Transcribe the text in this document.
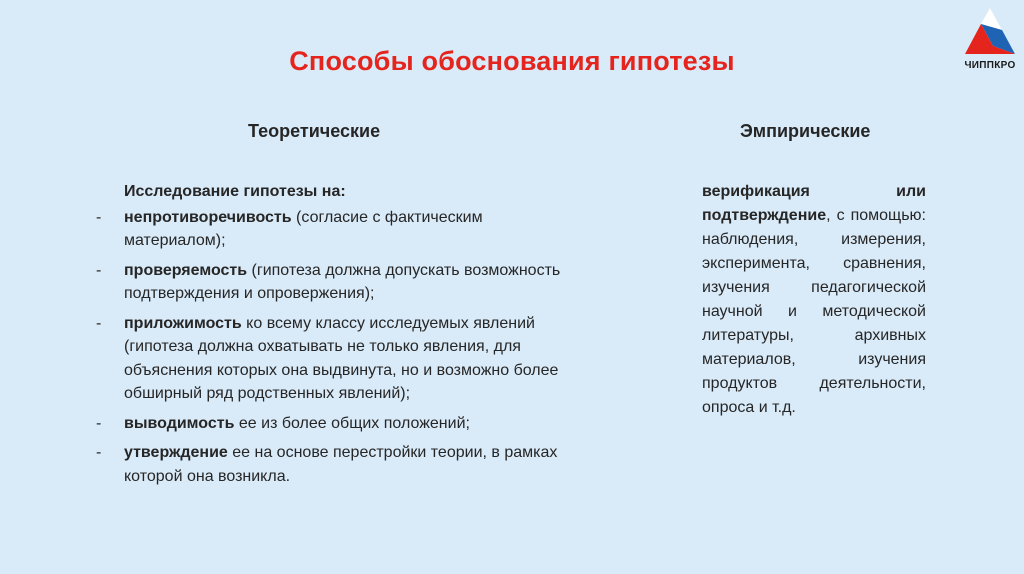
Способы обоснования гипотезы	ЧИППКРО
Теоретические	Эмпирические
Исследование гипотезы на:
- непротиворечивость (согласие с фактическим материалом);
- проверяемость (гипотеза должна допускать возможность подтверждения и опровержения);
- приложимость ко всему классу исследуемых явлений (гипотеза должна охватывать не только явления, для объяснения которых она выдвинута, но и возможно более обширный ряд родственных явлений);
- выводимость ее из более общих положений;
- утверждение ее на основе перестройки теории, в рамках которой она возникла.
верификация или подтверждение, с помощью: наблюдения, измерения, эксперимента, сравнения, изучения педагогической научной и методической литературы, архивных материалов, изучения продуктов деятельности, опроса и т.д.
